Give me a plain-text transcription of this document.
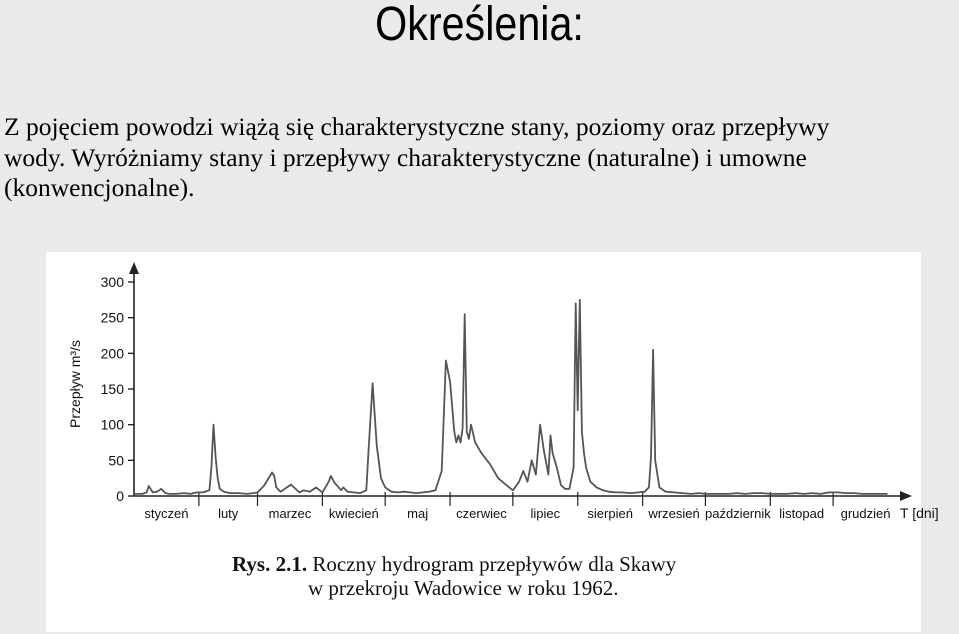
Określenia:

Z pojęciem powodzi wiążą się charakterystyczne stany, poziomy oraz przepływy
wody. Wyróżniamy stany i przepływy charakterystyczne (naturalne) i umowne
(konwencjonalne).

0
50
100
150
200
250
300
styczeń luty marzec kwiecień maj czerwiec lipiec sierpień wrzesień październik listopad grudzień
Przepływ m³/s
T [dni]
Rys. 2.1. Roczny hydrogram przepływów dla Skawy
w przekroju Wadowice w roku 1962.
